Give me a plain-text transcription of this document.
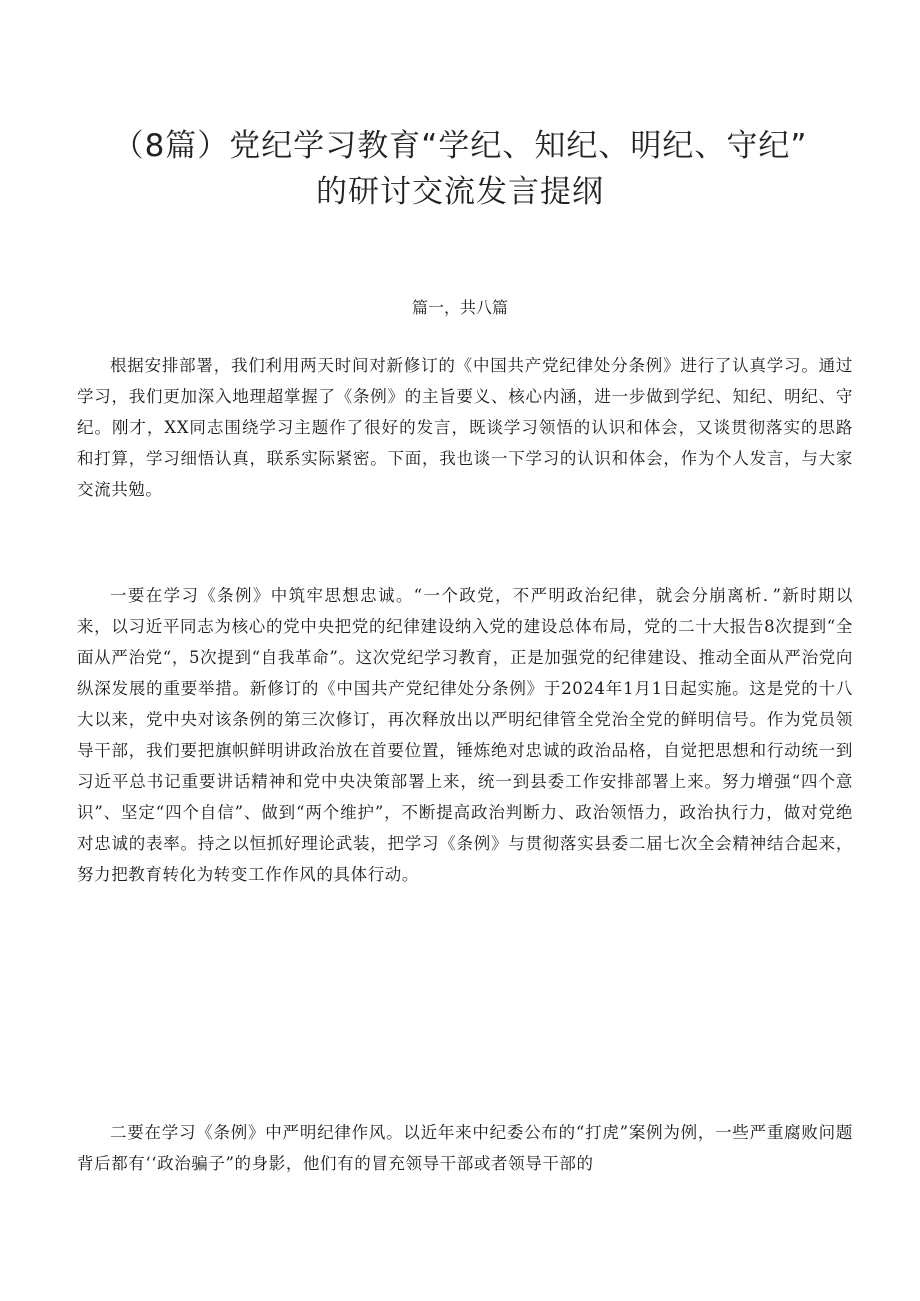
（8篇）党纪学习教育“学纪、知纪、明纪、守纪”
的研讨交流发言提纲

篇一，共八篇

根据安排部署，我们利用两天时间对新修订的《中国共产党纪律处分条例》进行了认真学习。通过学习，我们更加深入地理超掌握了《条例》的主旨要义、核心内涵，进一步做到学纪、知纪、明纪、守纪。刚才，XX同志围绕学习主题作了很好的发言，既谈学习领悟的认识和体会，又谈贯彻落实的思路和打算，学习细悟认真，联系实际紧密。下面，我也谈一下学习的认识和体会，作为个人发言，与大家交流共勉。

一要在学习《条例》中筑牢思想忠诚。“一个政党，不严明政治纪律，就会分崩离析．”新时期以来，以习近平同志为核心的党中央把党的纪律建设纳入党的建设总体布局，党的二十大报告8次提到“全面从严治党“，5次提到“自我革命”。这次党纪学习教育，正是加强党的纪律建设、推动全面从严治党向纵深发展的重要举措。新修订的《中国共产党纪律处分条例》于2024年1月1日起实施。这是党的十八大以来，党中央对该条例的第三次修订，再次释放出以严明纪律管全党治全党的鲜明信号。作为党员领导干部，我们要把旗帜鲜明讲政治放在首要位置，锤炼绝对忠诚的政治品格，自觉把思想和行动统一到习近平总书记重要讲话精神和党中央决策部署上来，统一到县委工作安排部署上来。努力增强“四个意识”、坚定“四个自信”、做到“两个维护”，不断提高政治判断力、政治领悟力，政治执行力，做对党绝对忠诚的表率。持之以恒抓好理论武装，把学习《条例》与贯彻落实县委二届七次全会精神结合起来，努力把教育转化为转变工作作风的具体行动。

二要在学习《条例》中严明纪律作风。以近年来中纪委公布的“打虎”案例为例，一些严重腐败问题背后都有‘‘政治骗子”的身影，他们有的冒充领导干部或者领导干部的
